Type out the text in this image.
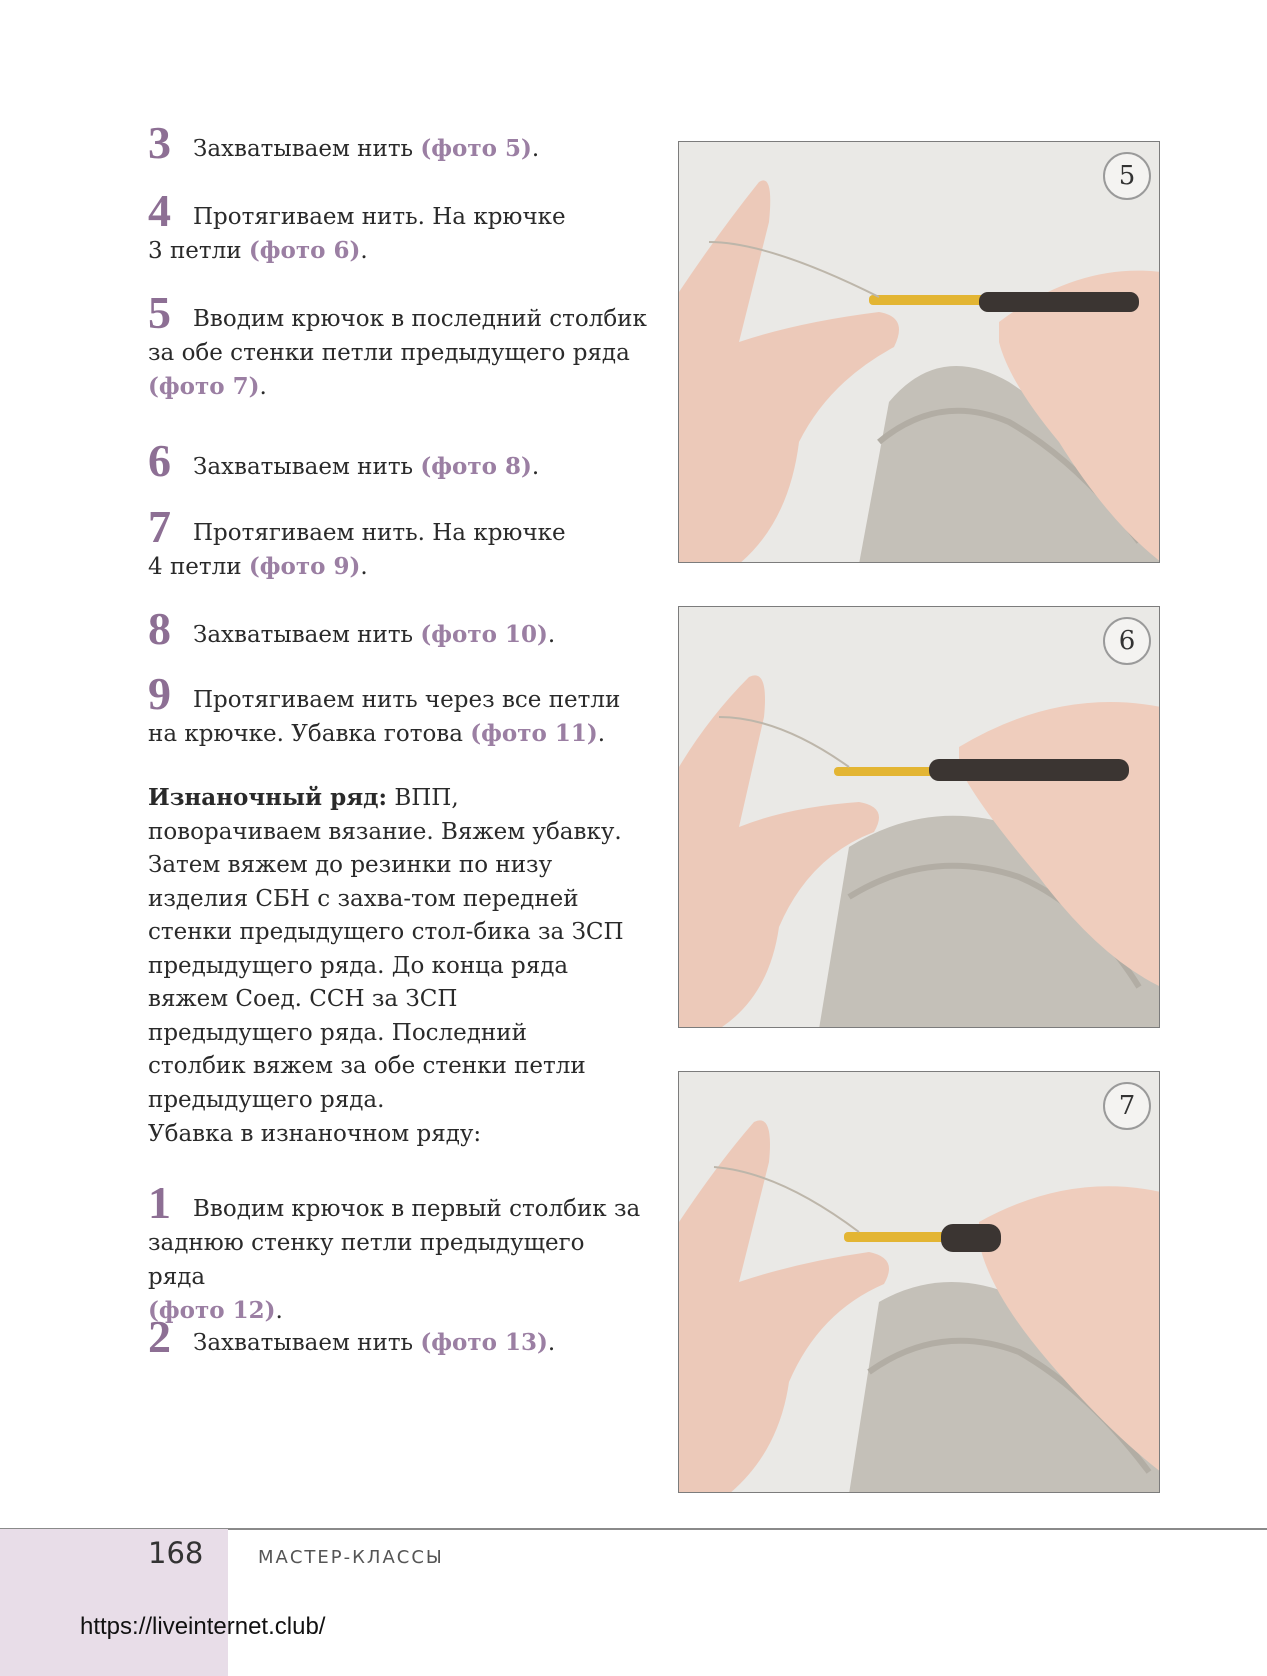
3 Захватываем нить (фото 5).
4 Протягиваем нить. На крючке
3 петли (фото 6).
5 Вводим крючок в последний столбик
за обе стенки петли предыдущего ряда
(фото 7).
6 Захватываем нить (фото 8).
7 Протягиваем нить. На крючке
4 петли (фото 9).
8 Захватываем нить (фото 10).
9 Протягиваем нить через все петли
на крючке. Убавка готова (фото 11).
Изнаночный ряд: ВПП, поворачиваем вязание. Вяжем убавку. Затем вяжем до резинки по низу изделия СБН с захва-том передней стенки предыдущего стол-бика за ЗСП предыдущего ряда. До конца ряда вяжем Соед. ССН за ЗСП предыдущего ряда. Последний столбик вяжем за обе стенки петли предыдущего ряда.
Убавка в изнаночном ряду:
1 Вводим крючок в первый столбик за
заднюю стенку петли предыдущего ряда
(фото 12).
2 Захватываем нить (фото 13).
5
6
7
168	МАСТЕР-КЛАССЫ
https://liveinternet.club/
